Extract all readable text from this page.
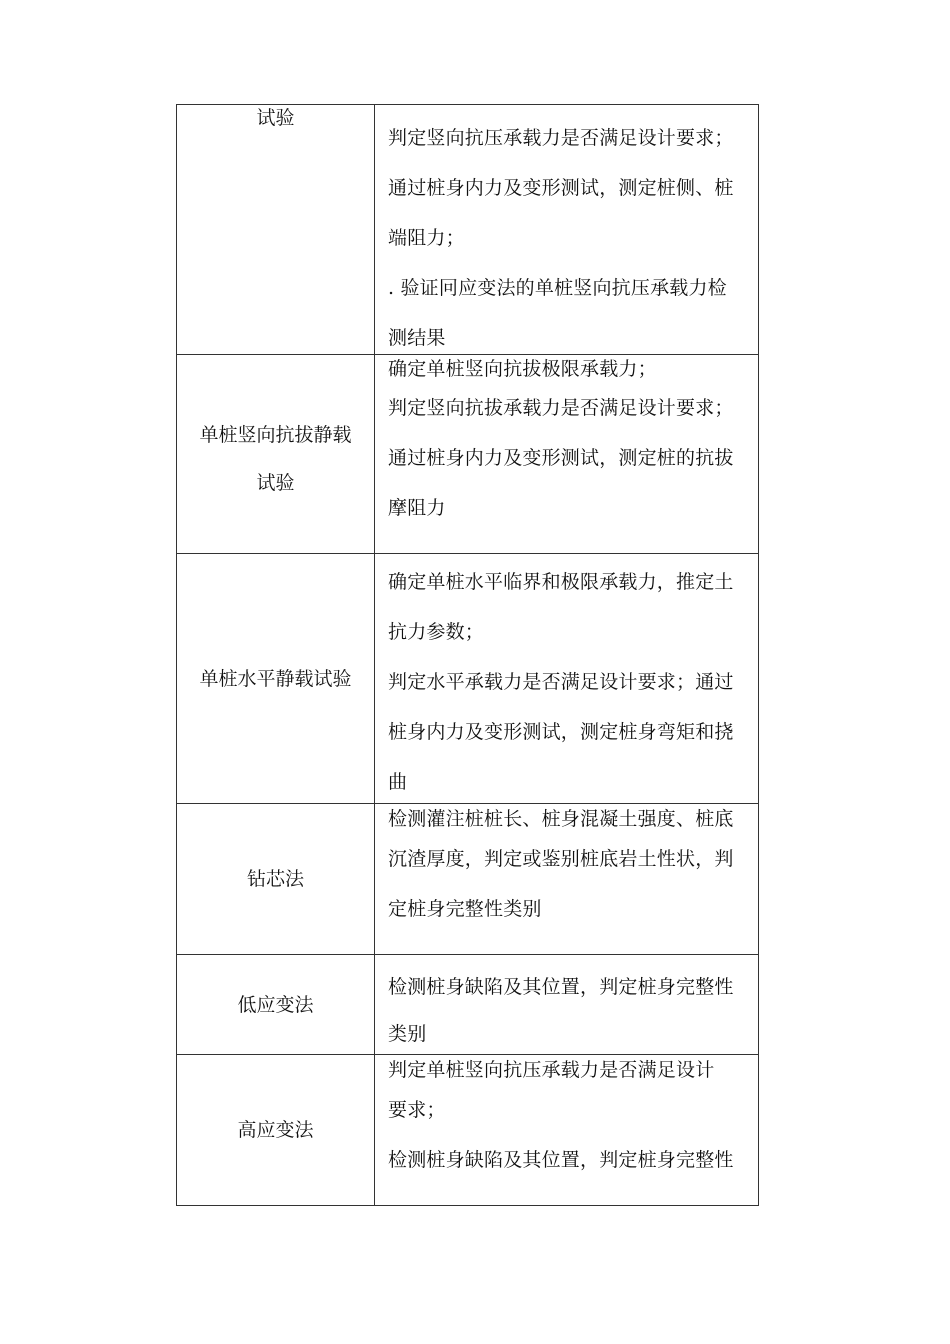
试验
判定竖向抗压承载力是否满足设计要求；
通过桩身内力及变形测试，测定桩侧、桩
端阻力；
. 验证冋应变法的单桩竖向抗压承载力检
测结果
单桩竖向抗拔静载
试验
确定单桩竖向抗拔极限承载力；
判定竖向抗拔承载力是否满足设计要求；
通过桩身内力及变形测试，测定桩的抗拔
摩阻力
单桩水平静载试验
确定单桩水平临界和极限承载力，推定土
抗力参数；
判定水平承载力是否满足设计要求；通过
桩身内力及变形测试，测定桩身弯矩和挠
曲
钻芯法
检测灌注桩桩长、桩身混凝土强度、桩底
沉渣厚度，判定或鉴别桩底岩土性状，判
定桩身完整性类别
低应变法
检测桩身缺陷及其位置，判定桩身完整性
类别
高应变法
判定单桩竖向抗压承载力是否满足设计
要求；
检测桩身缺陷及其位置，判定桩身完整性
